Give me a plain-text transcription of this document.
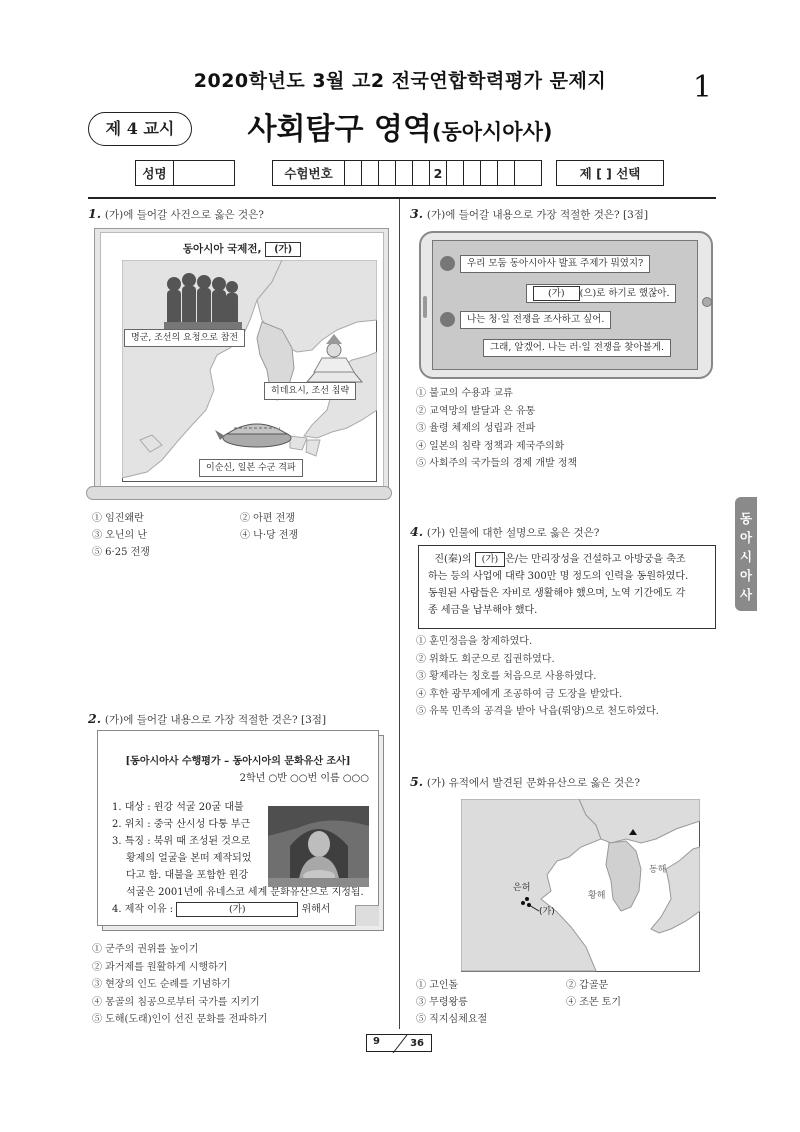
2020학년도 3월 고2 전국연합학력평가 문제지	1
제 4 교시	사회탐구 영역(동아시아사)
성명	수험번호	2	제 [ ] 선택
1. (가)에 들어갈 사건으로 옳은 것은?
동아시아 국제전, (가)
명군, 조선의 요청으로 참전
히데요시, 조선 침략
이순신, 일본 수군 격파
① 임진왜란	② 아편 전쟁
③ 오닌의 난	④ 나·당 전쟁
⑤ 6·25 전쟁
2. (가)에 들어갈 내용으로 가장 적절한 것은? [3점]
[동아시아사 수행평가 – 동아시아의 문화유산 조사]
2학년 ○반 ○○번 이름 ○○○
1. 대상 : 윈강 석굴 20굴 대불
2. 위치 : 중국 산시성 다퉁 부근
3. 특징 : 북위 때 조성된 것으로
황제의 얼굴을 본떠 제작되었
다고 함. 대불을 포함한 윈강
석굴은 2001년에 유네스코 세계 문화유산으로 지정됨.
4. 제작 이유 :	(가)	위해서
① 군주의 권위를 높이기
② 과거제를 원활하게 시행하기
③ 현장의 인도 순례를 기념하기
④ 몽골의 침공으로부터 국가를 지키기
⑤ 도해(도래)인이 선진 문화를 전파하기
3. (가)에 들어갈 내용으로 가장 적절한 것은? [3점]
우리 모둠 동아시아사 발표 주제가 뭐였지?
(가) (으)로 하기로 했잖아.
나는 청·일 전쟁을 조사하고 싶어.
그래, 알겠어. 나는 러·일 전쟁을 찾아볼게.
① 불교의 수용과 교류
② 교역망의 발달과 은 유통
③ 율령 체제의 성립과 전파
④ 일본의 침략 정책과 제국주의화
⑤ 사회주의 국가들의 경제 개발 정책
동아시아사
4. (가) 인물에 대한 설명으로 옳은 것은?
진(秦)의 (가) 은/는 만리장성을 건설하고 아방궁을 축조
하는 등의 사업에 대략 300만 명 정도의 인력을 동원하였다.
동원된 사람들은 자비로 생활해야 했으며, 노역 기간에도 각
종 세금을 납부해야 했다.
① 훈민정음을 창제하였다.
② 위화도 회군으로 집권하였다.
③ 황제라는 칭호를 처음으로 사용하였다.
④ 후한 광무제에게 조공하여 금 도장을 받았다.
⑤ 유목 민족의 공격을 받아 낙읍(뤄양)으로 천도하였다.
5. (가) 유적에서 발견된 문화유산으로 옳은 것은?
은허
(가)
황해
동해
① 고인돌	② 갑골문
③ 무령왕릉	④ 조몬 토기
⑤ 직지심체요절
9	36
